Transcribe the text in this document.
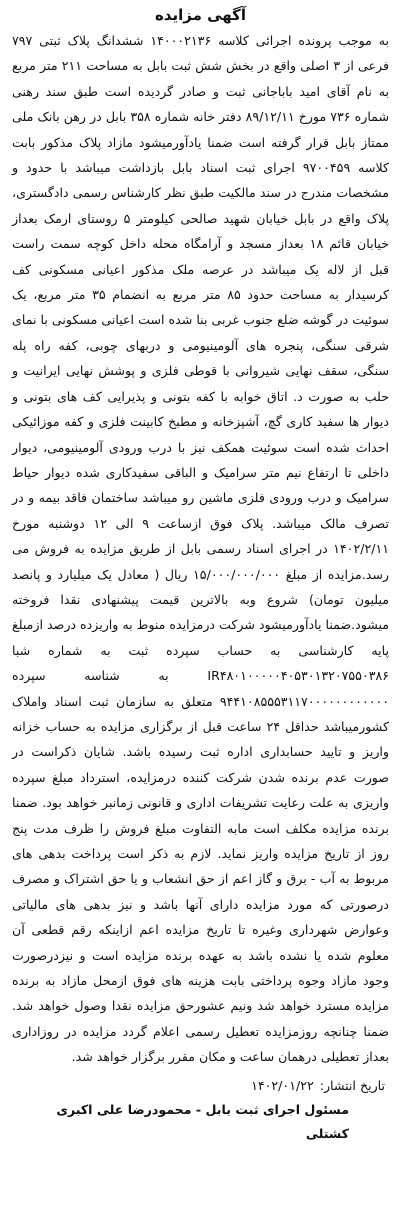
آگهی مزایده

به موجب پرونده اجرائی کلاسه ۱۴۰۰۰۲۱۳۶ ششدانگ پلاک ثبتی ۷۹۷ فرعی از ۳ اصلی واقع در بخش شش ثبت بابل به مساحت ۲۱۱ متر مربع به نام آقای امید باباجانی ثبت و صادر گردیده است طبق سند رهنی شماره ۷۳۶ مورخ ۸۹/۱۲/۱۱ دفتر خانه شماره ۳۵۸ بابل در رهن بانک ملی ممتاز بابل قرار گرفته است ضمنا یادآورمیشود مازاد پلاک مذکور بابت کلاسه ۹۷۰۰۴۵۹ اجرای ثبت اسناد بابل بازداشت میباشد با حدود و مشخصات مندرج در سند مالکیت طبق نظر کارشناس رسمی دادگستری، پلاک واقع در بابل خیابان شهید صالحی کیلومتر ۵ روستای ارمک بعداز خیابان قائم ۱۸ بعداز مسجد و آرامگاه محله داخل کوچه سمت راست قبل از لاله یک میباشد در عرصه ملک مذکور اعیانی مسکونی کف کرسیدار به مساحت حدود ۸۵ متر مربع به انضمام ۳۵ متر مربع، یک سوئیت در گوشه ضلع جنوب غربی بنا شده است اعیانی مسکونی با نمای شرقی سنگی، پنجره های آلومینیومی و دربهای چوبی، کفه راه پله سنگی، سقف نهایی شیروانی با قوطی فلزی و پوشش نهایی ایرانیت و حلب به صورت د. اتاق خوابه با کفه بتونی و پذیرایی کف های بتونی و دیوار ها سفید کاری گچ، آشپزخانه و مطبخ کابینت فلزی و کفه موزائیکی احداث شده است سوئیت همکف نیز با درب ورودی آلومینیومی، دیوار داخلی تا ارتفاع نیم متر سرامیک و الباقی سفیدکاری شده دیوار حیاط سرامیک و درب ورودی فلزی ماشین رو میباشد ساختمان فاقد بیمه و در تصرف مالک میباشد. پلاک فوق ازساعت ۹ الی ۱۲ دوشنبه مورخ ۱۴۰۲/۲/۱۱ در اجرای اسناد رسمی بابل از طریق مزایده به فروش می رسد.مزایده از مبلغ ۱۵/۰۰۰/۰۰۰/۰۰۰ ریال ( معادل یک میلیارد و پانصد میلیون تومان) شروع وبه بالاترین قیمت پیشنهادی نقدا فروخته میشود.ضمنا یادآورمیشود شرکت درمزایده منوط به واریزده درصد ازمبلغ پایه کارشناسی به حساب سپرده ثبت به شماره شبا IR۴۸۰۱۰۰۰۰۰۴۰۵۳۰۱۳۲۰۷۵۵۰۳۸۶ به شناسه سپرده ۹۴۴۱۰۸۵۵۵۳۱۱۷۰۰۰۰۰۰۰۰۰۰۰۰ متعلق به سازمان ثبت اسناد واملاک کشورمیباشد حداقل ۲۴ ساعت قبل از برگزاری مزایده به حساب خزانه واریز و تایید حسابداری اداره ثبت رسیده باشد. شایان ذکراست در صورت عدم برنده شدن شرکت کننده درمزایده، استرداد مبلغ سپرده واریزی به علت رعایت تشریفات اداری و قانونی زمانبر خواهد بود. ضمنا برنده مزایده مکلف است مابه التفاوت مبلغ فروش را ظرف مدت پنج روز از تاریخ مزایده واریز نماید. لازم به ذکر است پرداخت بدهی های مربوط به آب - برق و گاز اعم از حق انشعاب و یا حق اشتراک و مصرف درصورتی که مورد مزایده دارای آنها باشد و نیز بدهی های مالیاتی وعوارض شهرداری وغیره تا تاریخ مزایده اعم ازاینکه رقم قطعی آن معلوم شده یا نشده باشد به عهده برنده مزایده است و نیزدرصورت وجود مازاد وجوه پرداختی بابت هزینه های فوق ازمحل مازاد به برنده مزایده مسترد خواهد شد ونیم عشورحق مزایده نقدا وصول خواهد شد. ضمنا چنانچه روزمزایده تعطیل رسمی اعلام گردد مزایده در روزاداری بعداز تعطیلی درهمان ساعت و مکان مقرر برگزار خواهد شد.

تاریخ انتشار:
۱۴۰۲/۰۱/۲۲
مسئول اجرای ثبت بابل - محمودرضا علی اکبری کشتلی
